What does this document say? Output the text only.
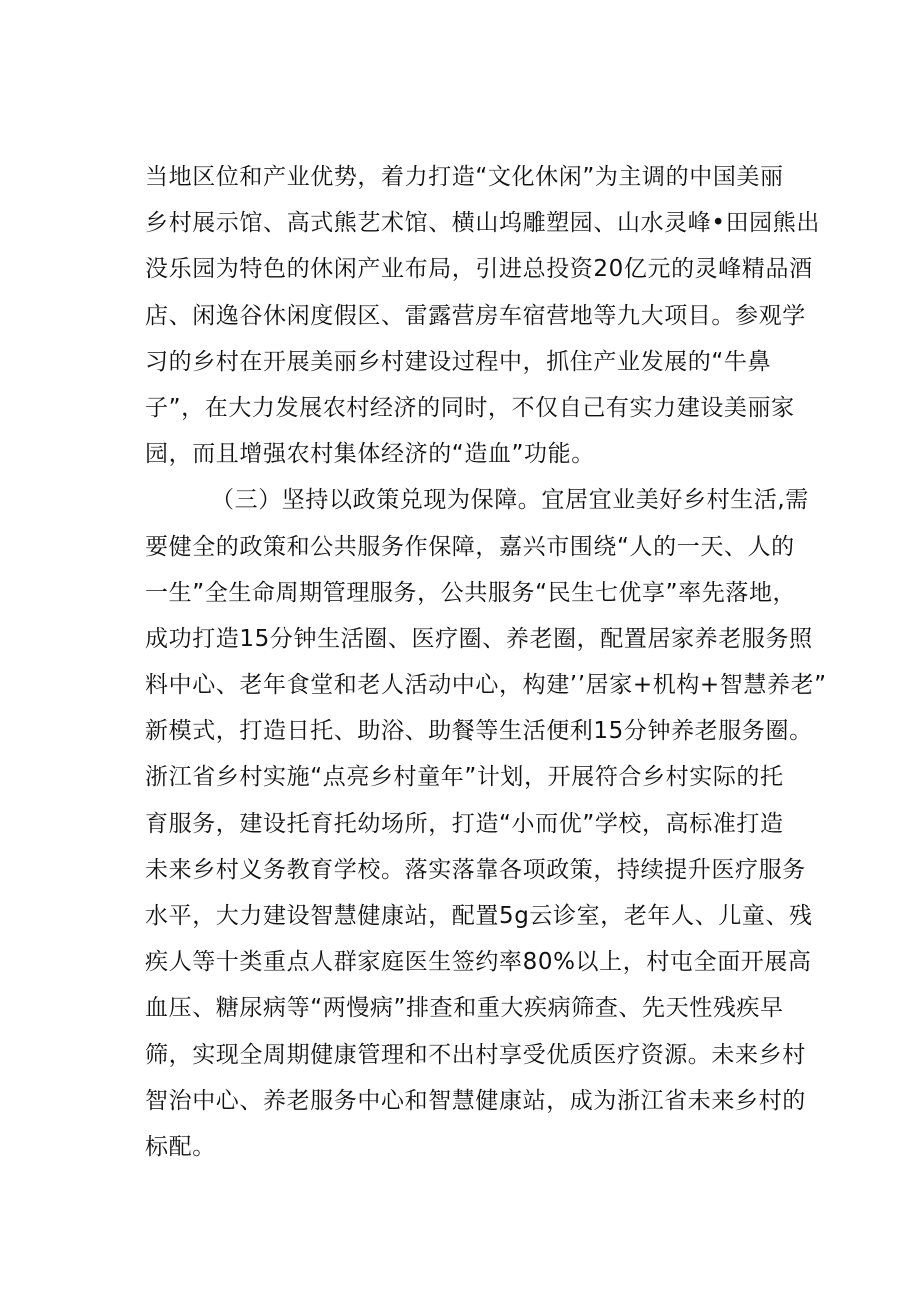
当地区位和产业优势，着力打造“文化休闲”为主调的中国美丽
乡村展示馆、高式熊艺术馆、横山坞雕塑园、山水灵峰•田园熊出
没乐园为特色的休闲产业布局，引进总投资20亿元的灵峰精品酒
店、闲逸谷休闲度假区、雷露营房车宿营地等九大项目。参观学
习的乡村在开展美丽乡村建设过程中，抓住产业发展的“牛鼻
子”，在大力发展农村经济的同时，不仅自己有实力建设美丽家
园，而且增强农村集体经济的“造血”功能。
（三）坚持以政策兑现为保障。宜居宜业美好乡村生活,需
要健全的政策和公共服务作保障，嘉兴市围绕“人的一天、人的
一生”全生命周期管理服务，公共服务“民生七优享”率先落地，
成功打造15分钟生活圈、医疗圈、养老圈，配置居家养老服务照
料中心、老年食堂和老人活动中心，构建’’居家+机构+智慧养老”
新模式，打造日托、助浴、助餐等生活便利15分钟养老服务圈。
浙江省乡村实施“点亮乡村童年”计划，开展符合乡村实际的托
育服务，建设托育托幼场所，打造“小而优”学校，高标准打造
未来乡村义务教育学校。落实落靠各项政策，持续提升医疗服务
水平，大力建设智慧健康站，配置5g云诊室，老年人、儿童、残
疾人等十类重点人群家庭医生签约率80%以上，村屯全面开展高
血压、糖尿病等“两慢病”排查和重大疾病筛查、先天性残疾早
筛，实现全周期健康管理和不出村享受优质医疗资源。未来乡村
智治中心、养老服务中心和智慧健康站，成为浙江省未来乡村的
标配。
